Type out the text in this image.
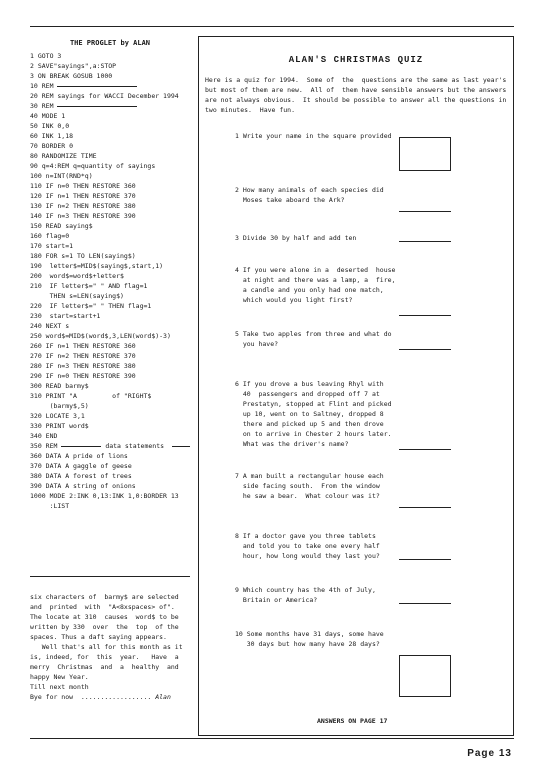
THE PROGLET by ALAN
1 GOTO 3
2 SAVE"sayings",a:STOP
3 ON BREAK GOSUB 1000
10 REM
20 REM sayings for WACCI December 1994
30 REM
40 MODE 1
50 INK 0,0
60 INK 1,18
70 BORDER 0
80 RANDOMIZE TIME
90 q=4:REM q=quantity of sayings
100 n=INT(RND*q)
110 IF n=0 THEN RESTORE 360
120 IF n=1 THEN RESTORE 370
130 IF n=2 THEN RESTORE 380
140 IF n=3 THEN RESTORE 390
150 READ saying$
160 flag=0
170 start=1
180 FOR s=1 TO LEN(saying$)
190  letter$=MID$(saying$,start,1)
200  word$=word$+letter$
210  IF letter$=" " AND flag=1
THEN s=LEN(saying$)
220  IF letter$=" " THEN flag=1
230  start=start+1
240 NEXT s
250 word$=MID$(word$,3,LEN(word$)-3)
260 IF n=1 THEN RESTORE 360
270 IF n=2 THEN RESTORE 370
280 IF n=3 THEN RESTORE 380
290 IF n=0 THEN RESTORE 390
300 READ barmy$
310 PRINT "A         of "RIGHT$
(barmy$,5)
320 LOCATE 3,1
330 PRINT word$
340 END
350 REM	data statements
360 DATA A pride of lions
370 DATA A gaggle of geese
380 DATA A forest of trees
390 DATA A string of onions
1000 MODE 2:INK 0,13:INK 1,0:BORDER 13
:LIST
six characters of  barmy$ are selected
and  printed  with  "A<8xspaces> of".
The locate at 310  causes  word$ to be
written by 330  over  the  top  of the
spaces. Thus a daft saying appears.
Well that's all for this month as it
is, indeed, for  this  year.   Have  a
merry  Christmas  and  a  healthy  and
happy New Year.
Till next month
Bye for now  .................. Alan
ALAN'S CHRISTMAS QUIZ
Here is a quiz for 1994.  Some of  the  questions are the same as last year's
but most of them are new.  All of  them have sensible answers but the answers
are not always obvious.  It should be possible to answer all the questions in
two minutes.  Have fun.
1 Write your name in the square provided
2 How many animals of each species did
Moses take aboard the Ark?
3 Divide 30 by half and add ten
4 If you were alone in a  deserted  house
at night and there was a lamp, a  fire,
a candle and you only had one match,
which would you light first?
5 Take two apples from three and what do
you have?
6 If you drove a bus leaving Rhyl with
40  passengers and dropped off 7 at
Prestatyn, stopped at Flint and picked
up 10, went on to Saltney, dropped 8
there and picked up 5 and then drove
on to arrive in Chester 2 hours later.
What was the driver's name?
7 A man built a rectangular house each
side facing south.  From the window
he saw a bear.  What colour was it?
8 If a doctor gave you three tablets
and told you to take one every half
hour, how long would they last you?
9 Which country has the 4th of July,
Britain or America?
10 Some months have 31 days, some have
30 days but how many have 28 days?
ANSWERS ON PAGE 17
Page 13
